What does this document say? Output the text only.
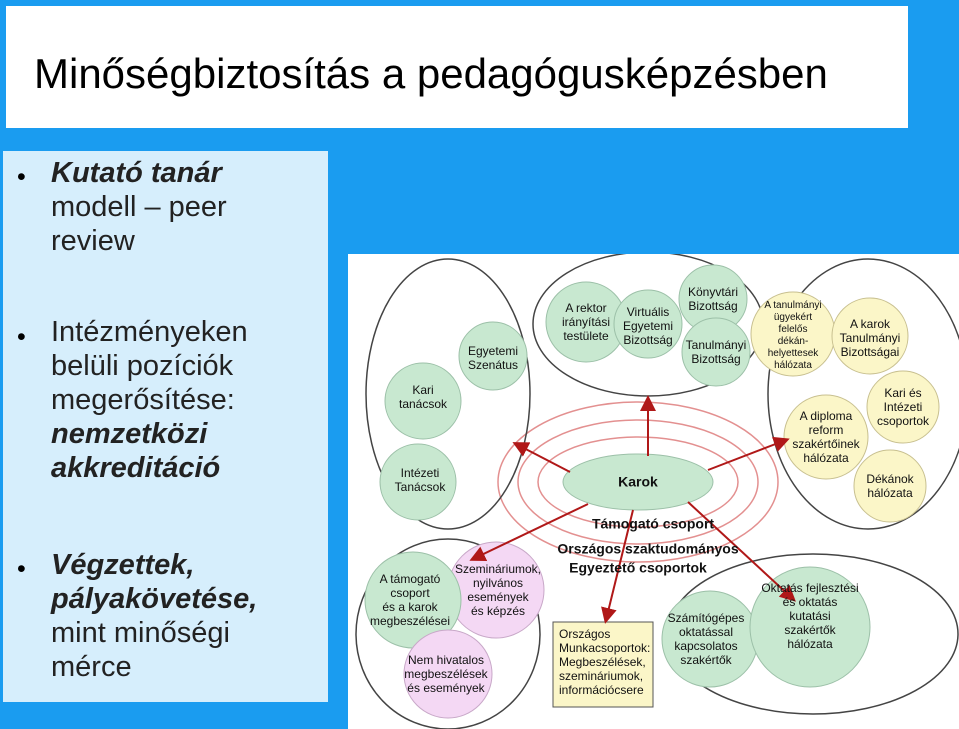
Minőségbiztosítás a pedagógusképzésben
• Kutató tanár
modell – peer
review
• Intézményeken
belüli pozíciók
megerősítése:
nemzetközi
akkreditáció
• Végzettek,
pályakövetése,
mint minőségi
mérce
Karok
Támogató csoport
Országos szaktudományos
Egyeztető csoportok
A rektor
irányítási
testülete
Virtuális
Egyetemi
Bizottság
Könyvtári
Bizottság
Tanulmányi
Bizottság
Egyetemi
Szenátus
Kari
tanácsok
Intézeti
Tanácsok
A tanulmányi
ügyekért
felelős
dékán-
helyettesek
hálózata
A karok
Tanulmányi
Bizottságai
Kari és
Intézeti
csoportok
A diploma
reform
szakértőinek
hálózata
Dékánok
hálózata
Szemináriumok,
nyilvános
események
és képzés
A támogató
csoport
és a karok
megbeszélései
Nem hivatalos
megbeszélések
és események
Országos
Munkacsoportok:
Megbeszélések,
szemináriumok,
információcsere
Számítógépes
oktatással
kapcsolatos
szakértők
Oktatás fejlesztési
és oktatás
kutatási
szakértők
hálózata
